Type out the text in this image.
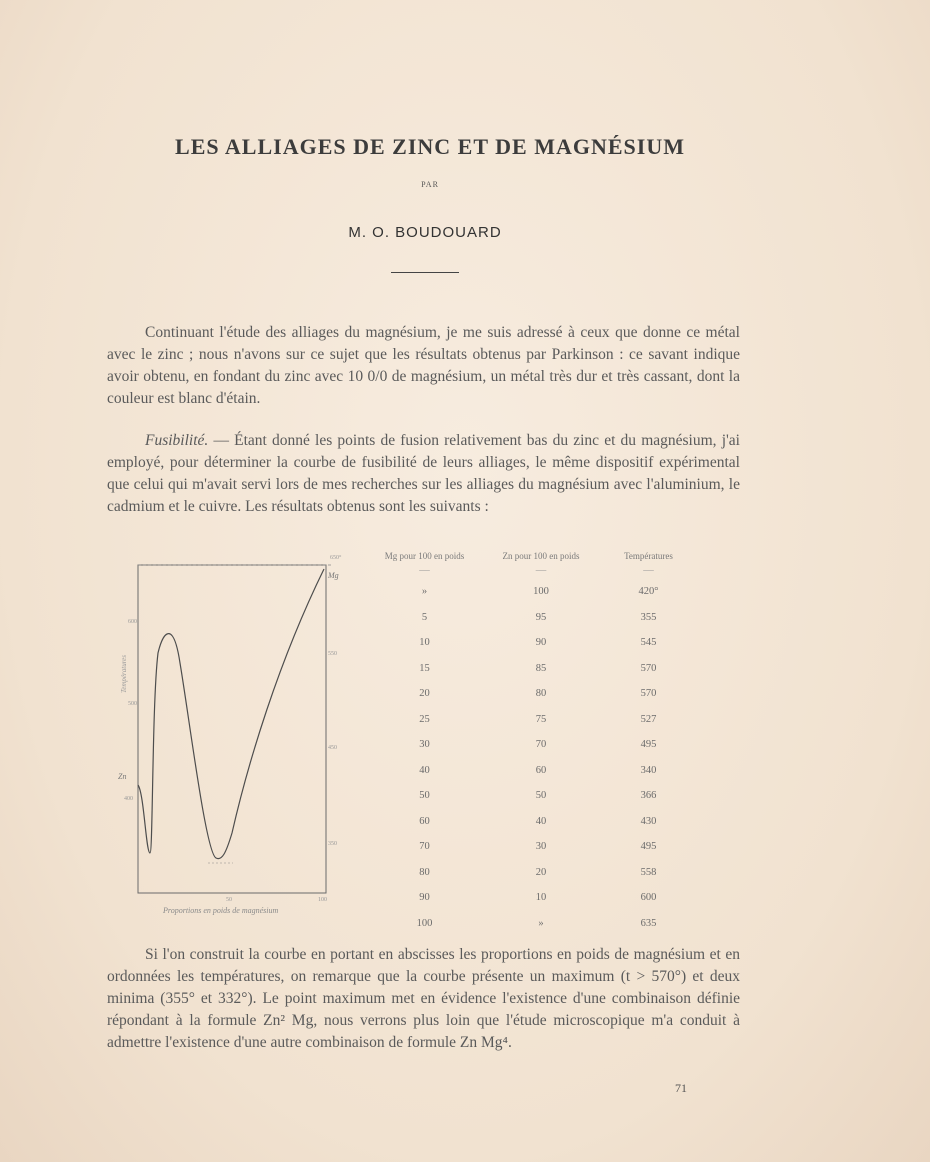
LES ALLIAGES DE ZINC ET DE MAGNÉSIUM
PAR
M. O. BOUDOUARD
Continuant l'étude des alliages du magnésium, je me suis adressé à ceux que donne ce métal avec le zinc ; nous n'avons sur ce sujet que les résultats obtenus par Parkinson : ce savant indique avoir obtenu, en fondant du zinc avec 10 0/0 de magnésium, un métal très dur et très cassant, dont la couleur est blanc d'étain.
Fusibilité. — Étant donné les points de fusion relativement bas du zinc et du magnésium, j'ai employé, pour déterminer la courbe de fusibilité de leurs alliages, le même dispositif expérimental que celui qui m'avait servi lors de mes recherches sur les alliages du magnésium avec l'aluminium, le cadmium et le cuivre. Les résultats obtenus sont les suivants :
Mg
Zn
600
500
400
650°
550
450
350
50	100
Proportions en poids de magnésium
Températures
Mg pour 100 en poids	Zn pour 100 en poids	Températures
—	—	—
»	100	420°
5	95	355
10	90	545
15	85	570
20	80	570
25	75	527
30	70	495
40	60	340
50	50	366
60	40	430
70	30	495
80	20	558
90	10	600
100	»	635
Si l'on construit la courbe en portant en abscisses les proportions en poids de magnésium et en ordonnées les températures, on remarque que la courbe présente un maximum (t > 570°) et deux minima (355° et 332°). Le point maximum met en évidence l'existence d'une combinaison définie répondant à la formule Zn² Mg, nous verrons plus loin que l'étude microscopique m'a conduit à admettre l'existence d'une autre combinaison de formule Zn Mg⁴.
71
